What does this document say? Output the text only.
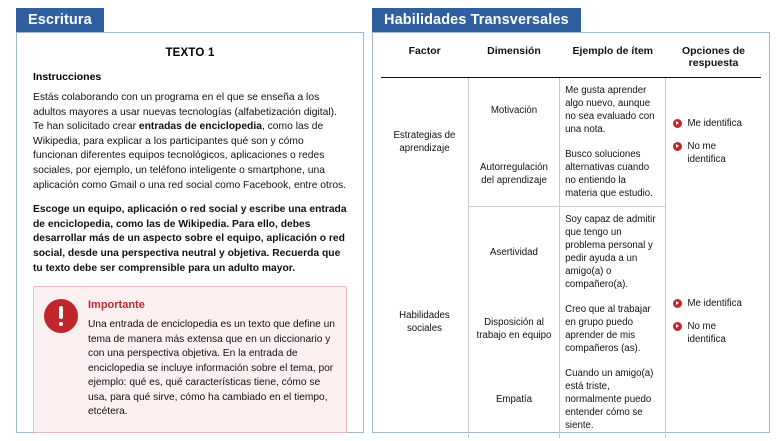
Escritura
TEXTO 1
Instrucciones

Estás colaborando con un programa en el que se enseña a los adultos mayores a usar nuevas tecnologías (alfabetización digital). Te han solicitado crear entradas de enciclopedia, como las de Wikipedia, para explicar a los participantes qué son y cómo funcionan diferentes equipos tecnológicos, aplicaciones o redes sociales, por ejemplo, un teléfono inteligente o smartphone, una aplicación como Gmail o una red social como Facebook, entre otros.

Escoge un equipo, aplicación o red social y escribe una entrada de enciclopedia, como las de Wikipedia. Para ello, debes desarrollar más de un aspecto sobre el equipo, aplicación o red social, desde una perspectiva neutral y objetiva. Recuerda que tu texto debe ser comprensible para un adulto mayor.

Importante
Una entrada de enciclopedia es un texto que define un tema de manera más extensa que en un diccionario y con una perspectiva objetiva. En la entrada de enciclopedia se incluye información sobre el tema, por ejemplo: qué es, qué características tiene, cómo se usa, para qué sirve, cómo ha cambiado en el tiempo, etcétera.
Habilidades Transversales
Factor	Dimensión	Ejemplo de ítem	Opciones de respuesta
Estrategias de aprendizaje	Motivación	Me gusta aprender algo nuevo, aunque no sea evaluado con una nota.	Me identifica
No me identifica

	Autorregulación del aprendizaje	Busco soluciones alternativas cuando no entiendo la materia que estudio.	
Habilidades sociales	Asertividad	Soy capaz de admitir que tengo un problema personal y pedir ayuda a un amigo(a) o compañero(a).	Me identifica
No me identifica

	Disposición al trabajo en equipo	Creo que al trabajar en grupo puedo aprender de mis compañeros (as).	
	Empatía	Cuando un amigo(a) está triste, normalmente puedo entender cómo se siente.	
